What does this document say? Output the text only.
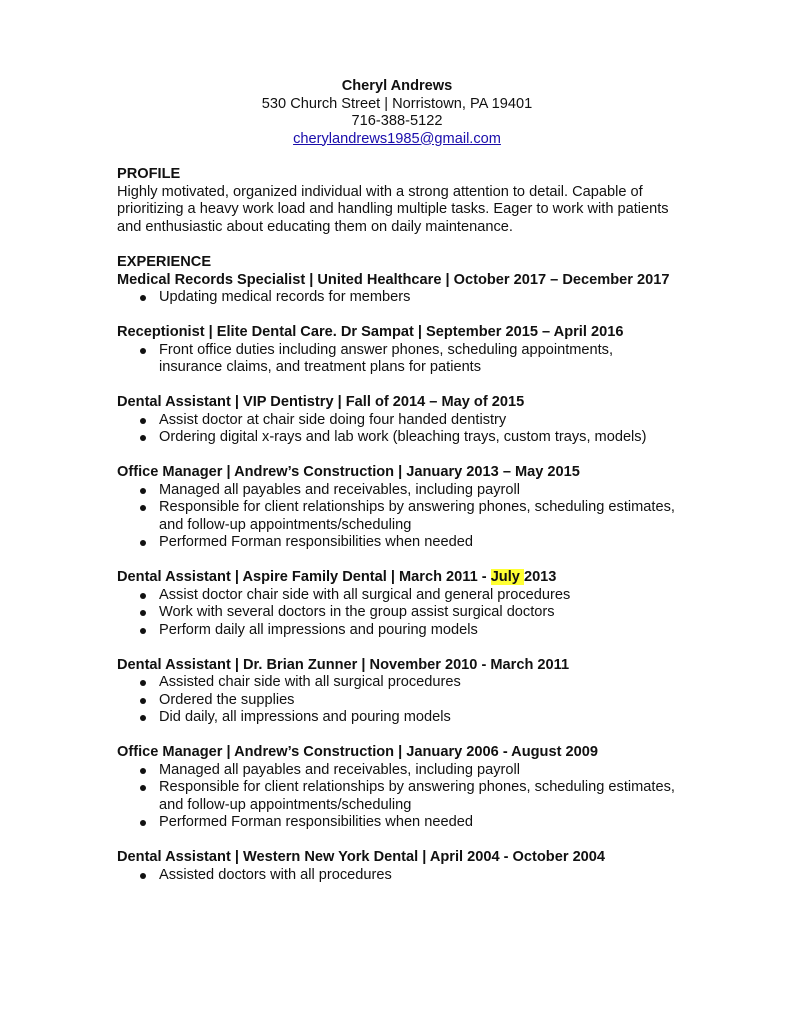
Cheryl Andrews
530 Church Street | Norristown, PA 19401
716-388-5122
cherylandrews1985@gmail.com
PROFILE
Highly motivated, organized individual with a strong attention to detail. Capable of prioritizing a heavy work load and handling multiple tasks. Eager to work with patients and enthusiastic about educating them on daily maintenance.
EXPERIENCE
Medical Records Specialist | United Healthcare | October 2017 – December 2017
Updating medical records for members
Receptionist | Elite Dental Care. Dr Sampat | September 2015 – April 2016
Front office duties including answer phones, scheduling appointments, insurance claims, and treatment plans for patients
Dental Assistant | VIP Dentistry | Fall of 2014 – May of 2015
Assist doctor at chair side doing four handed dentistry
Ordering digital x-rays and lab work (bleaching trays, custom trays, models)
Office Manager | Andrew’s Construction | January 2013 – May 2015
Managed all payables and receivables, including payroll
Responsible for client relationships by answering phones, scheduling estimates, and follow-up appointments/scheduling
Performed Forman responsibilities when needed
Dental Assistant | Aspire Family Dental | March 2011 - July 2013
Assist doctor chair side with all surgical and general procedures
Work with several doctors in the group assist surgical doctors
Perform daily all impressions and pouring models
Dental Assistant | Dr. Brian Zunner | November 2010 - March 2011
Assisted chair side with all surgical procedures
Ordered the supplies
Did daily, all impressions and pouring models
Office Manager | Andrew’s Construction | January 2006 - August 2009
Managed all payables and receivables, including payroll
Responsible for client relationships by answering phones, scheduling estimates, and follow-up appointments/scheduling
Performed Forman responsibilities when needed
Dental Assistant | Western New York Dental | April 2004 - October 2004
Assisted doctors with all procedures
